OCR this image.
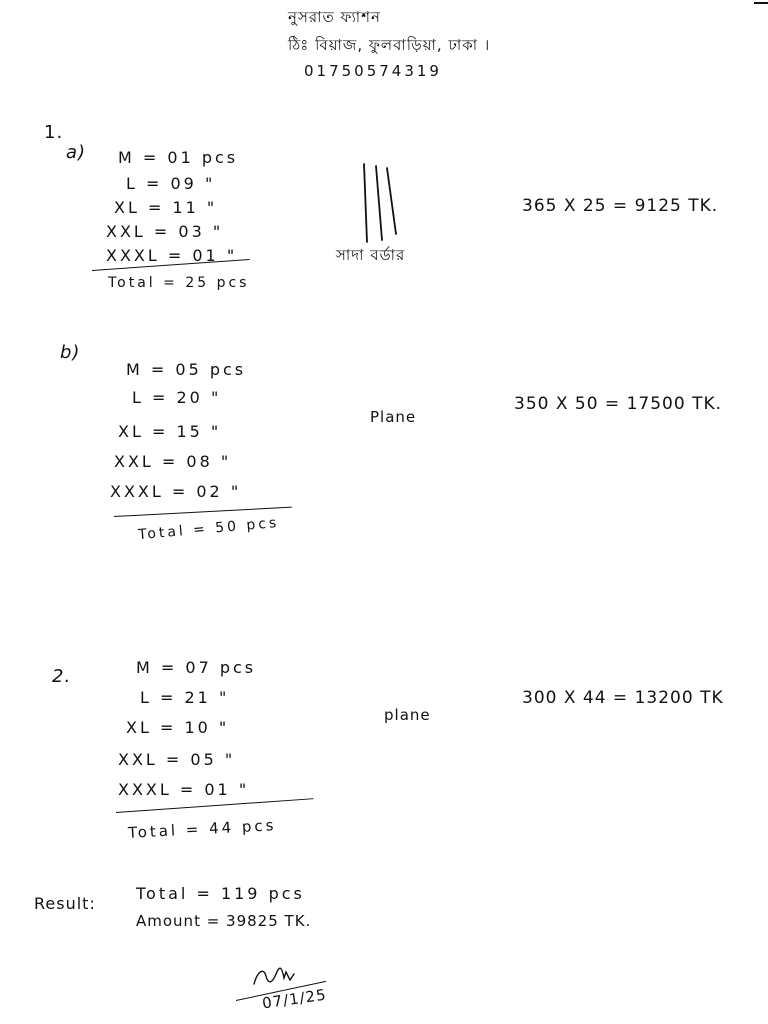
নুসরাত ফ্যাশন
ঠিঃ বিয়াজ, ফুলবাড়িয়া, ঢাকা ।
01750574319
1.
a) M = 01 pcs
L = 09 "
XL = 11 "
XXL = 03 "
XXXL = 01 "
Total = 25 pcs
সাদা বর্ডার
365 X 25 = 9125 TK.
b)
M = 05 pcs
L = 20 "
XL = 15 "
XXL = 08 "
XXXL = 02 "
Total = 50 pcs
Plane
350 X 50 = 17500 TK.
2.	M = 07 pcs
L = 21 "
XL = 10 "
XXL = 05 "
XXXL = 01 "
Total = 44 pcs
plane
300 X 44 = 13200 TK
Result:
Total = 119 pcs
Amount = 39825 TK.
07/1/25
